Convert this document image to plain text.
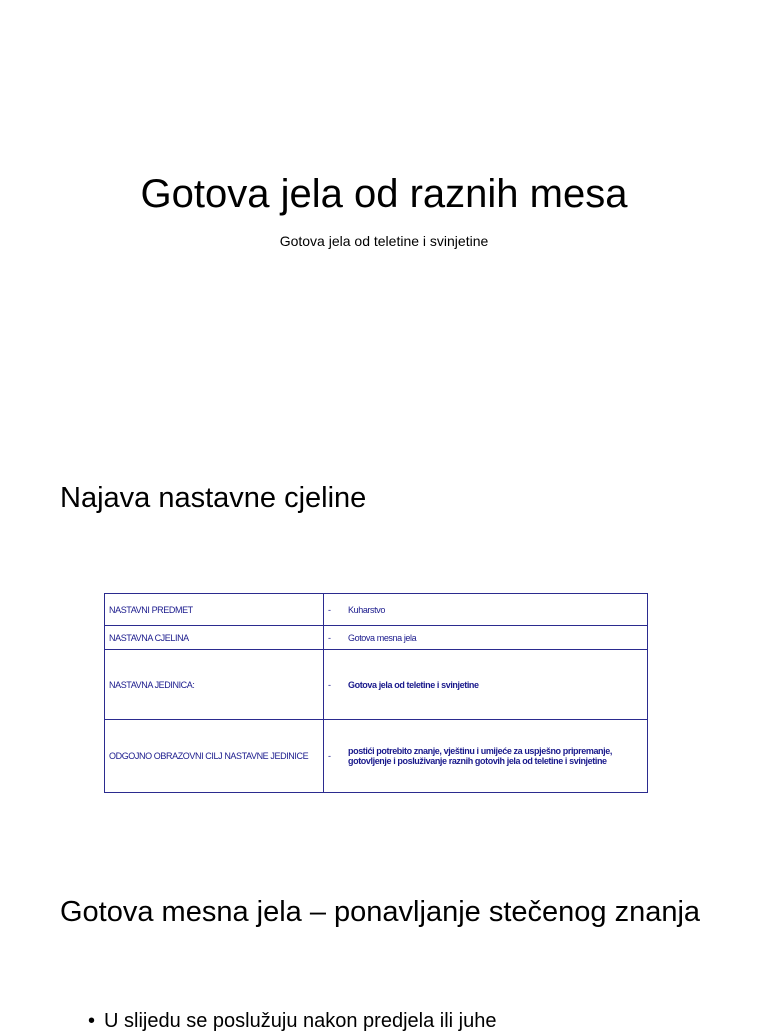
Gotova jela od raznih mesa
Gotova jela od teletine i svinjetine
Najava nastavne cjeline
NASTAVNI PREDMET	- Kuharstvo

NASTAVNA CJELINA	- Gotova mesna jela

NASTAVNA JEDINICA:	- Gotova jela od teletine i svinjetine

ODGOJNO OBRAZOVNI CILJ NASTAVNE JEDINICE	- postići potrebito znanje, vještinu i umijeće za uspješno pripremanje, gotovljenje i posluživanje raznih gotovih jela od teletine i svinjetine
Gotova mesna jela – ponavljanje stečenog znanja
• U slijedu se poslužuju nakon predjela ili juhe
